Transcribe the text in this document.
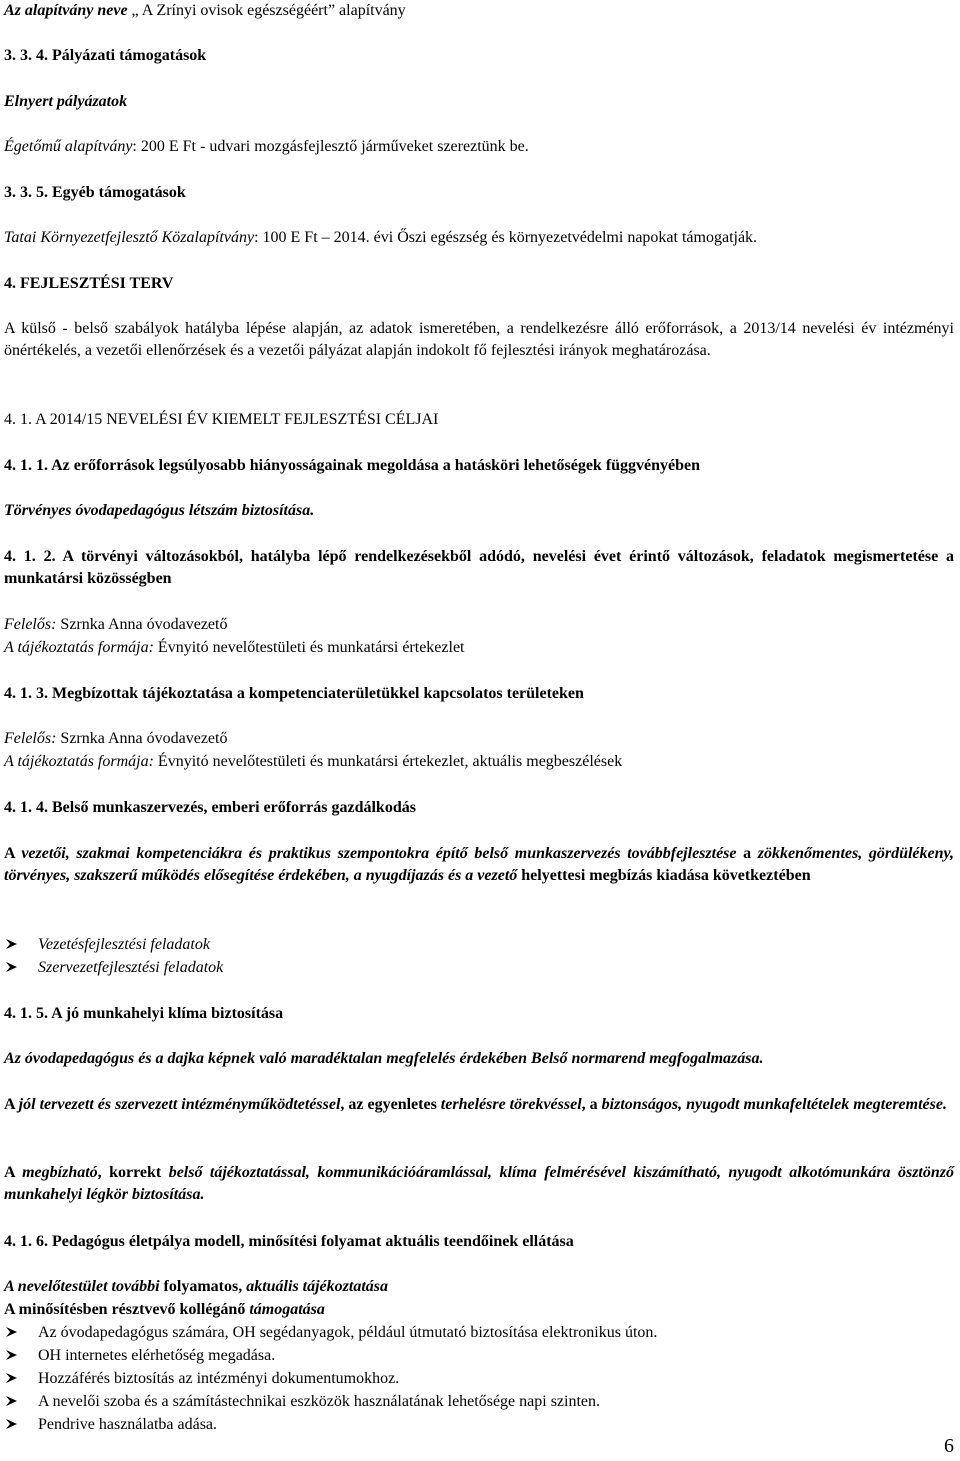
Az alapítvány neve „ A Zrínyi ovisok egészségéért” alapítvány
3. 3. 4. Pályázati támogatások
Elnyert pályázatok
Égetőmű alapítvány: 200 E Ft - udvari mozgásfejlesztő járműveket szereztünk be.
3. 3. 5. Egyéb támogatások
Tatai Környezetfejlesztő Közalapítvány: 100 E Ft – 2014. évi Őszi egészség és környezetvédelmi napokat támogatják.
4. FEJLESZTÉSI TERV
A külső - belső szabályok hatályba lépése alapján, az adatok ismeretében, a rendelkezésre álló erőforrások, a 2013/14 nevelési év intézményi önértékelés, a vezetői ellenőrzések és a vezetői pályázat alapján indokolt fő fejlesztési irányok meghatározása.
4. 1. A 2014/15 NEVELÉSI ÉV KIEMELT FEJLESZTÉSI CÉLJAI
4. 1. 1. Az erőforrások legsúlyosabb hiányosságainak megoldása a hatásköri lehetőségek függvényében
Törvényes óvodapedagógus létszám biztosítása.
4. 1. 2. A törvényi változásokból, hatályba lépő rendelkezésekből adódó, nevelési évet érintő változások, feladatok megismertetése a munkatársi közösségben
Felelős: Szrnka Anna óvodavezető
A tájékoztatás formája: Évnyitó nevelőtestületi és munkatársi értekezlet
4. 1. 3. Megbízottak tájékoztatása a kompetenciaterületükkel kapcsolatos területeken
Felelős: Szrnka Anna óvodavezető
A tájékoztatás formája: Évnyitó nevelőtestületi és munkatársi értekezlet, aktuális megbeszélések
4. 1. 4. Belső munkaszervezés, emberi erőforrás gazdálkodás
A vezetői, szakmai kompetenciákra és praktikus szempontokra építő belső munkaszervezés továbbfejlesztése a zökkenőmentes, gördülékeny, törvényes, szakszerű működés elősegítése érdekében, a nyugdíjazás és a vezető helyettesi megbízás kiadása következtében
Vezetésfejlesztési feladatok
Szervezetfejlesztési feladatok
4. 1. 5. A jó munkahelyi klíma biztosítása
Az óvodapedagógus és a dajka képnek való maradéktalan megfelelés érdekében Belső normarend megfogalmazása.
A jól tervezett és szervezett intézményműködtetéssel, az egyenletes terhelésre törekvéssel, a biztonságos, nyugodt munkafeltételek megteremtése.
A megbízható, korrekt belső tájékoztatással, kommunikációáramlással, klíma felmérésével kiszámítható, nyugodt alkotómunkára ösztönző munkahelyi légkör biztosítása.
4. 1. 6. Pedagógus életpálya modell, minősítési folyamat aktuális teendőinek ellátása
A nevelőtestület további folyamatos, aktuális tájékoztatása
A minősítésben résztvevő kollégánő támogatása
Az óvodapedagógus számára, OH segédanyagok, például útmutató biztosítása elektronikus úton.
OH internetes elérhetőség megadása.
Hozzáférés biztosítás az intézményi dokumentumokhoz.
A nevelői szoba és a számítástechnikai eszközök használatának lehetősége napi szinten.
Pendrive használatba adása.
6
